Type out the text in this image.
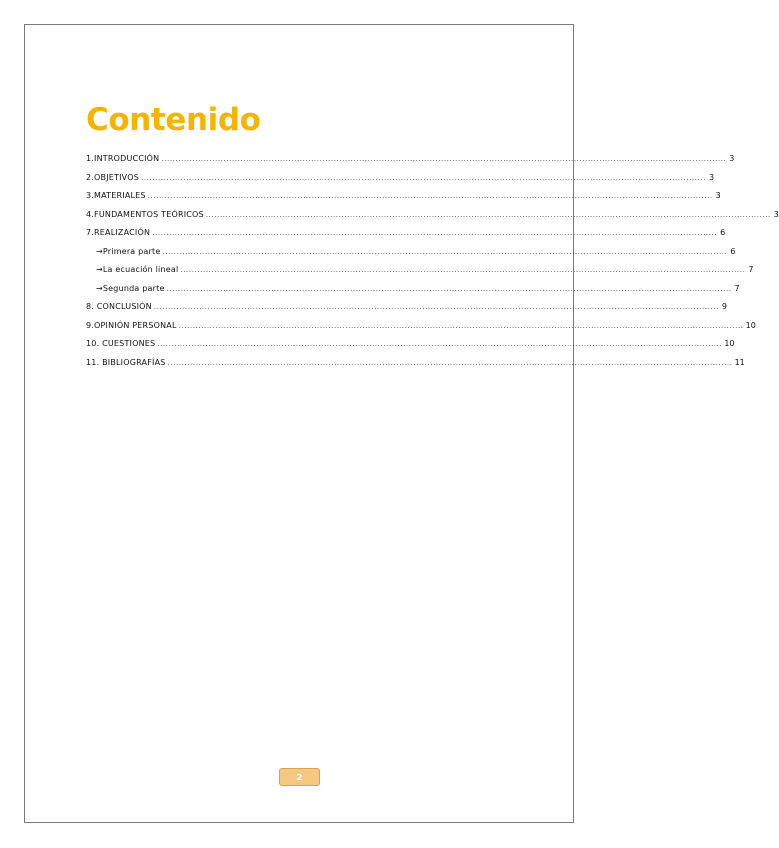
Contenido
1.INTRODUCCIÓN ........................................................................................................................................................................................................ 3
2.OBJETIVOS ........................................................................................................................................................................................................ 3
3.MATERIALES ........................................................................................................................................................................................................ 3
4.FUNDAMENTOS TEÓRICOS ........................................................................................................................................................................................................ 3
7.REALIZACIÓN ........................................................................................................................................................................................................ 6
→Primera parte ........................................................................................................................................................................................................ 6
→La ecuación lineal ........................................................................................................................................................................................................ 7
→Segunda parte ........................................................................................................................................................................................................ 7
8. CONCLUSIÓN ........................................................................................................................................................................................................ 9
9.OPINIÓN PERSONAL ........................................................................................................................................................................................................ 10
10. CUESTIONES ........................................................................................................................................................................................................ 10
11. BIBLIOGRAFÍAS ........................................................................................................................................................................................................ 11
2
